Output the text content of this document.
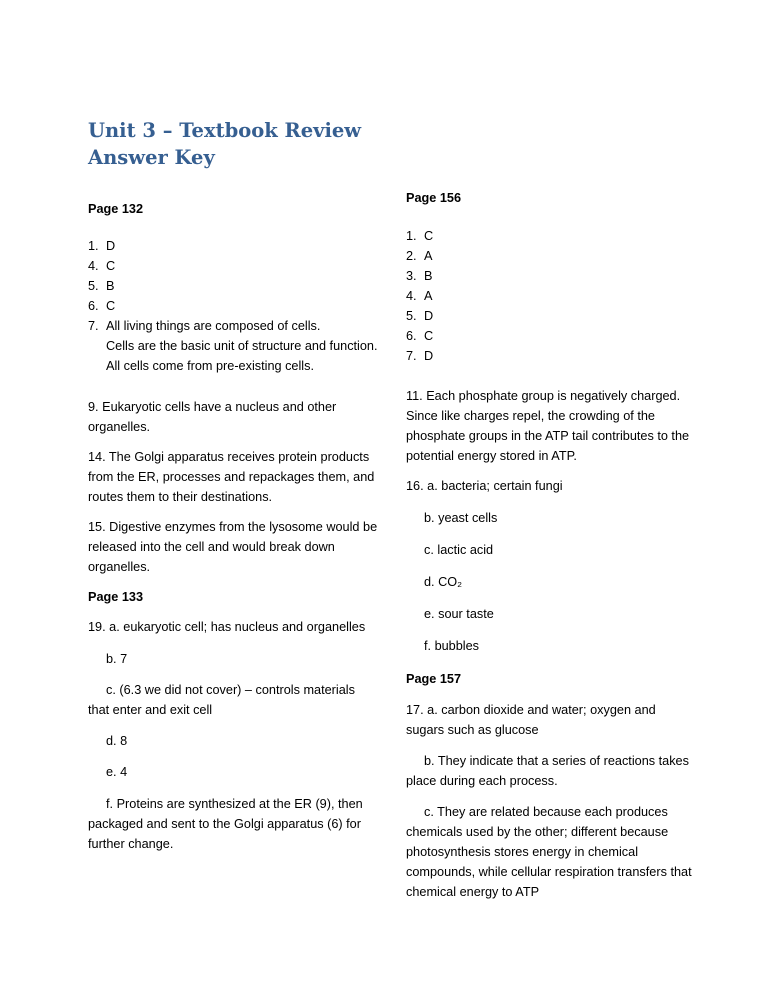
Unit 3 – Textbook Review Answer Key
Page 132
1. D
4. C
5. B
6. C
7. All living things are composed of cells.
Cells are the basic unit of structure and function.
All cells come from pre-existing cells.

9. Eukaryotic cells have a nucleus and other organelles.

14. The Golgi apparatus receives protein products from the ER, processes and repackages them, and routes them to their destinations.

15. Digestive enzymes from the lysosome would be released into the cell and would break down organelles.

Page 133

19. a. eukaryotic cell; has nucleus and organelles

b. 7

c. (6.3 we did not cover) – controls materials that enter and exit cell

d. 8

e. 4

f. Proteins are synthesized at the ER (9), then packaged and sent to the Golgi apparatus (6) for further change.

Page 156
1. C
2. A
3. B
4. A
5. D
6. C
7. D

11. Each phosphate group is negatively charged. Since like charges repel, the crowding of the phosphate groups in the ATP tail contributes to the potential energy stored in ATP.

16. a. bacteria; certain fungi

b. yeast cells

c. lactic acid

d. CO₂

e. sour taste

f. bubbles

Page 157

17. a. carbon dioxide and water; oxygen and sugars such as glucose

b. They indicate that a series of reactions takes place during each process.

c. They are related because each produces chemicals used by the other; different because photosynthesis stores energy in chemical compounds, while cellular respiration transfers that chemical energy to ATP
